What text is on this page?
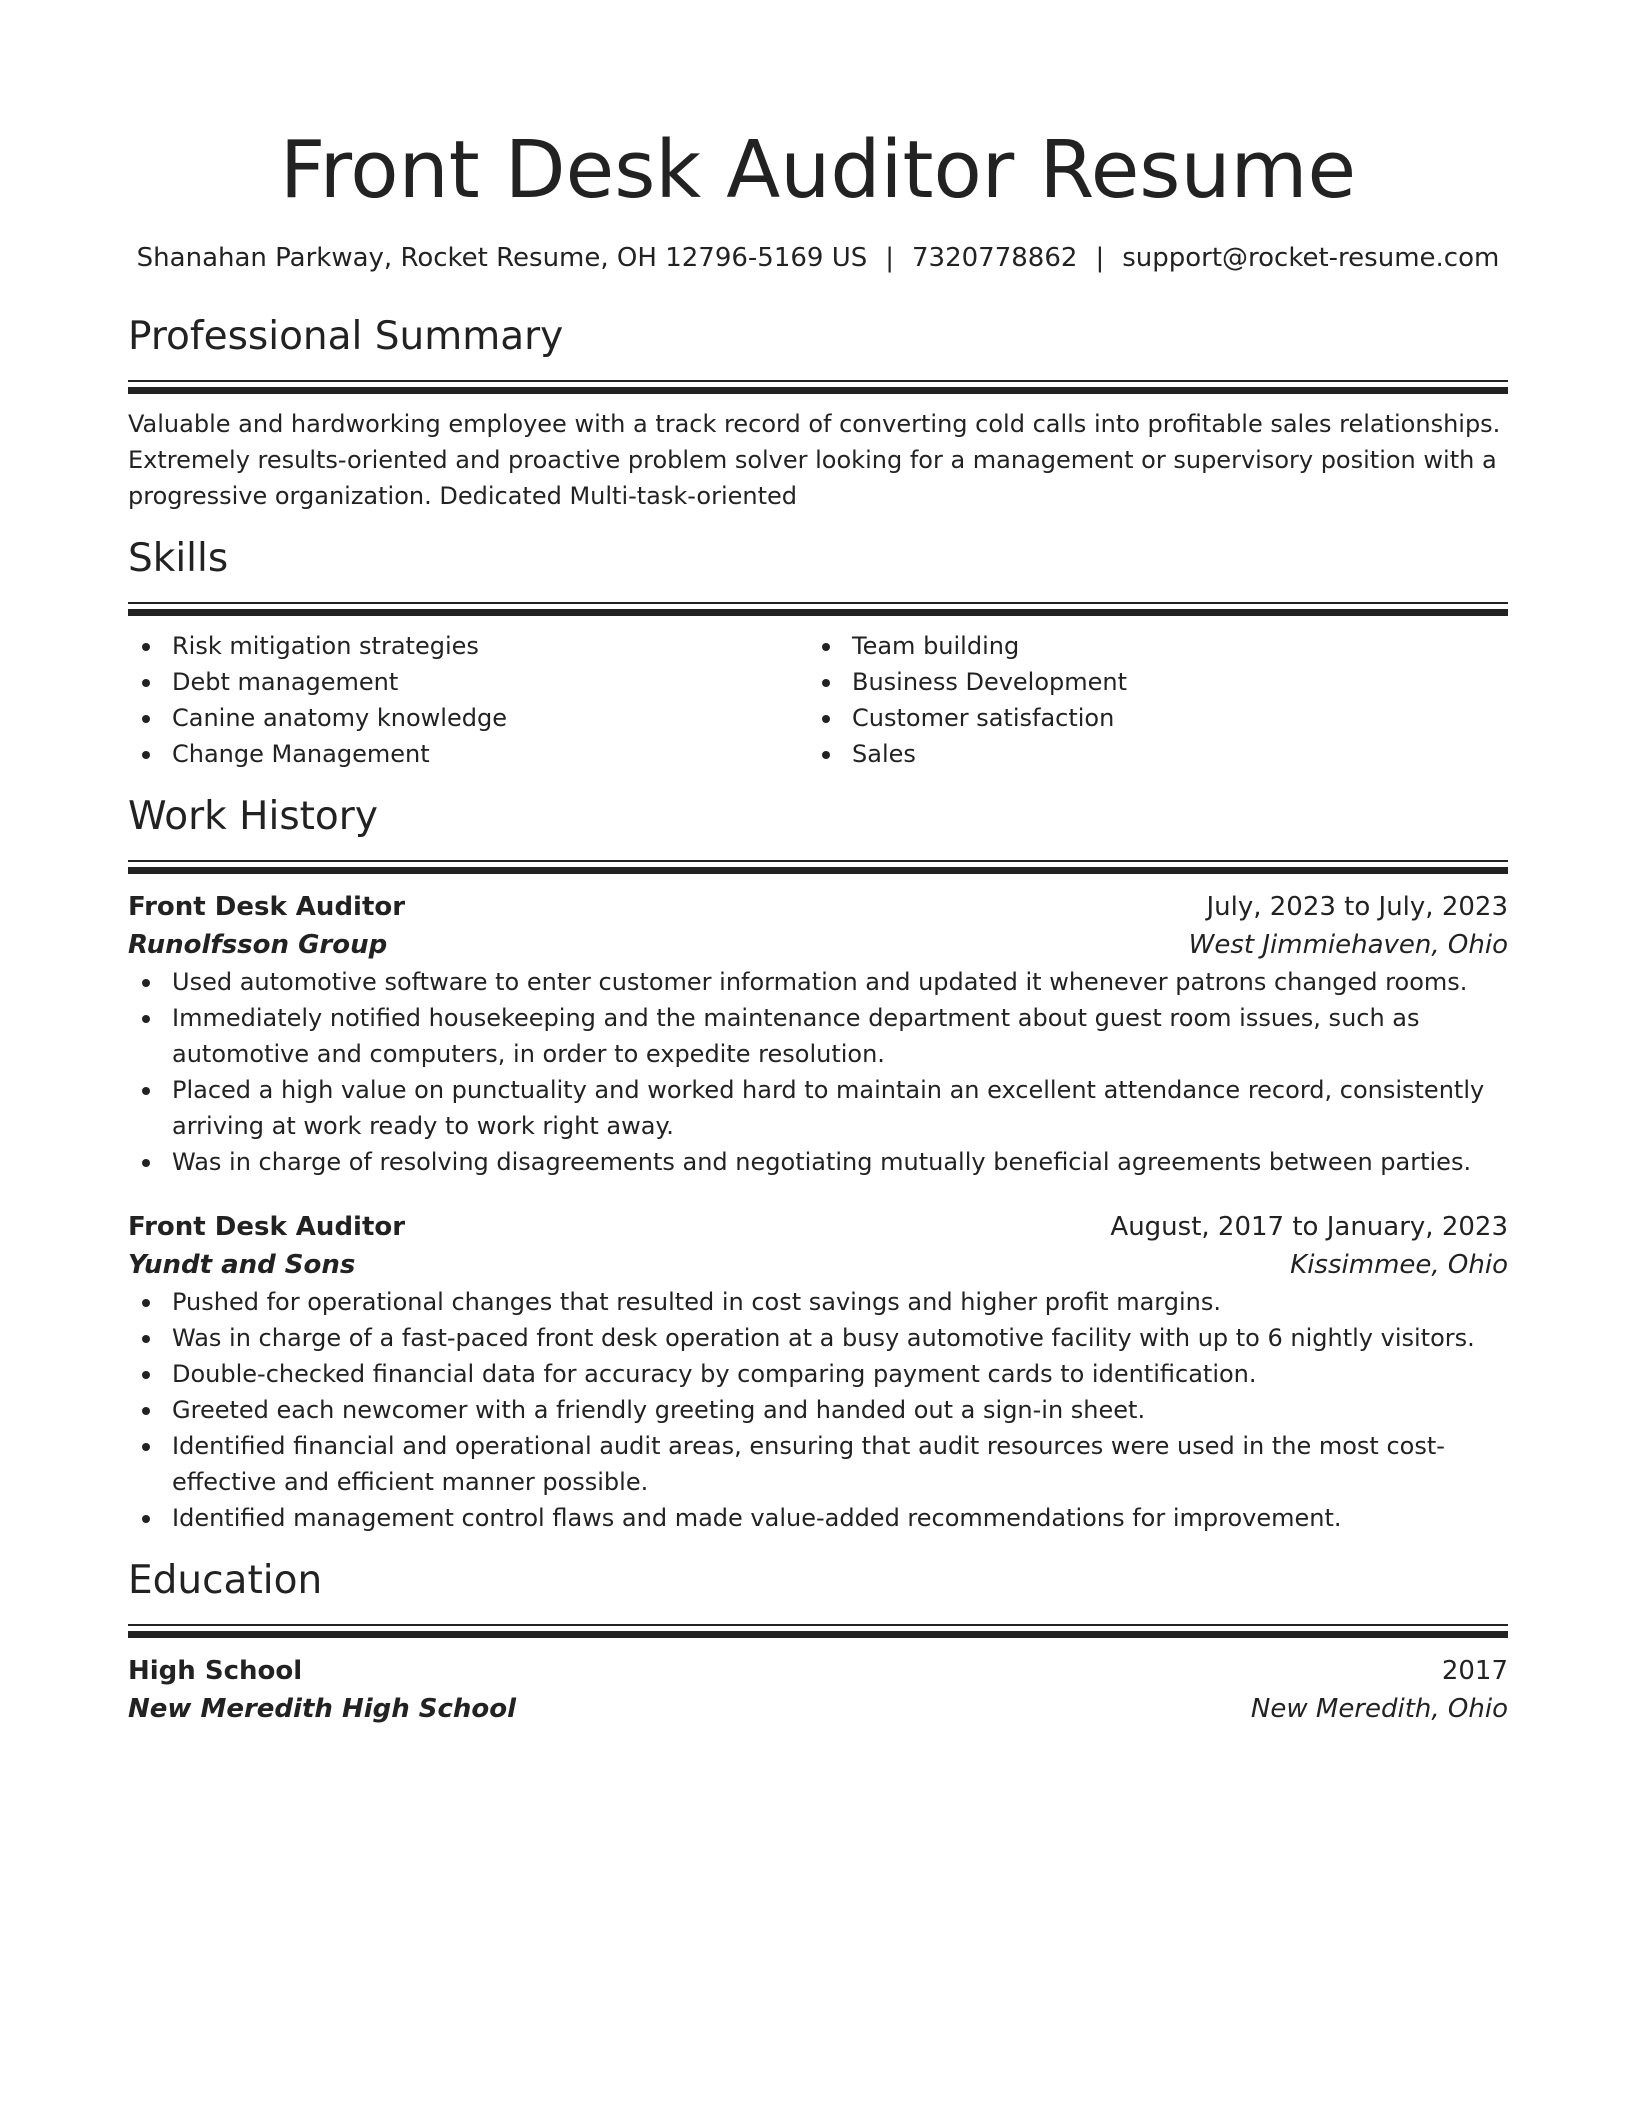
Front Desk Auditor Resume
Shanahan Parkway, Rocket Resume, OH 12796-5169 US | 7320778862 | support@rocket-resume.com
Professional Summary
Valuable and hardworking employee with a track record of converting cold calls into profitable sales relationships. Extremely results-oriented and proactive problem solver looking for a management or supervisory position with a progressive organization. Dedicated Multi-task-oriented
Skills
Risk mitigation strategies
Debt management
Canine anatomy knowledge
Change Management
Team building
Business Development
Customer satisfaction
Sales
Work History
Front Desk Auditor	July, 2023 to July, 2023
Runolfsson Group	West Jimmiehaven, Ohio
Used automotive software to enter customer information and updated it whenever patrons changed rooms.
Immediately notified housekeeping and the maintenance department about guest room issues, such as automotive and computers, in order to expedite resolution.
Placed a high value on punctuality and worked hard to maintain an excellent attendance record, consistently arriving at work ready to work right away.
Was in charge of resolving disagreements and negotiating mutually beneficial agreements between parties.
Front Desk Auditor	August, 2017 to January, 2023
Yundt and Sons	Kissimmee, Ohio
Pushed for operational changes that resulted in cost savings and higher profit margins.
Was in charge of a fast-paced front desk operation at a busy automotive facility with up to 6 nightly visitors.
Double-checked financial data for accuracy by comparing payment cards to identification.
Greeted each newcomer with a friendly greeting and handed out a sign-in sheet.
Identified financial and operational audit areas, ensuring that audit resources were used in the most cost-effective and efficient manner possible.
Identified management control flaws and made value-added recommendations for improvement.
Education
High School	2017
New Meredith High School	New Meredith, Ohio
